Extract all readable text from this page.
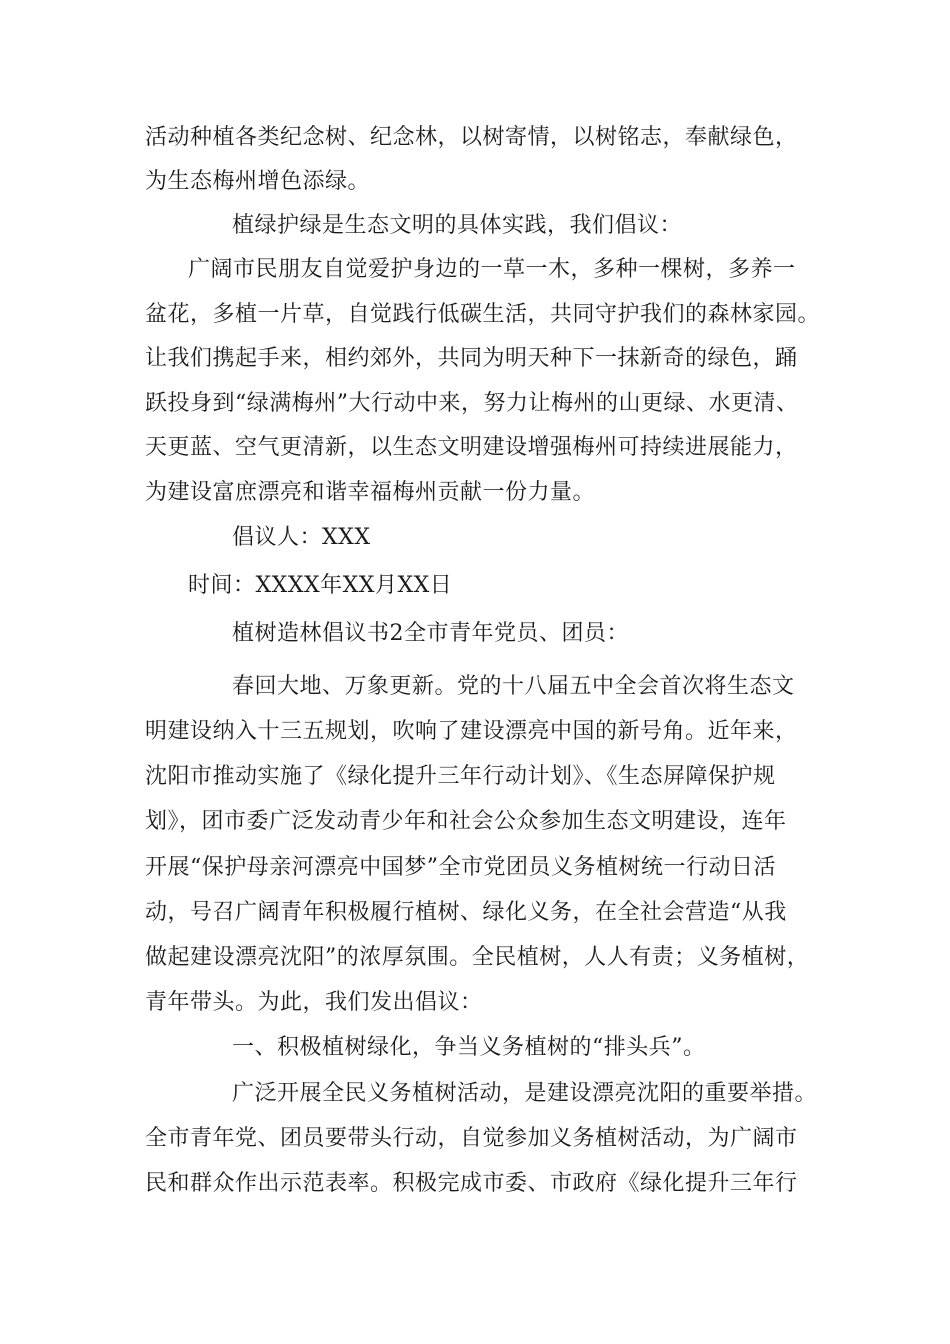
活动种植各类纪念树、纪念林，以树寄情，以树铭志，奉献绿色，
为生态梅州增色添绿。
植绿护绿是生态文明的具体实践，我们倡议：
广阔市民朋友自觉爱护身边的一草一木，多种一棵树，多养一
盆花，多植一片草，自觉践行低碳生活，共同守护我们的森林家园。
让我们携起手来，相约郊外，共同为明天种下一抹新奇的绿色，踊
跃投身到“绿满梅州”大行动中来，努力让梅州的山更绿、水更清、
天更蓝、空气更清新，以生态文明建设增强梅州可持续进展能力，
为建设富庶漂亮和谐幸福梅州贡献一份力量。
倡议人：XXX
时间：XXXX年XX月XX日
植树造林倡议书2全市青年党员、团员：
春回大地、万象更新。党的十八届五中全会首次将生态文
明建设纳入十三五规划，吹响了建设漂亮中国的新号角。近年来，
沈阳市推动实施了《绿化提升三年行动计划》、《生态屏障保护规
划》，团市委广泛发动青少年和社会公众参加生态文明建设，连年
开展“保护母亲河漂亮中国梦”全市党团员义务植树统一行动日活
动，号召广阔青年积极履行植树、绿化义务，在全社会营造“从我
做起建设漂亮沈阳”的浓厚氛围。全民植树，人人有责；义务植树，
青年带头。为此，我们发出倡议：
一、积极植树绿化，争当义务植树的“排头兵”。
广泛开展全民义务植树活动，是建设漂亮沈阳的重要举措。
全市青年党、团员要带头行动，自觉参加义务植树活动，为广阔市
民和群众作出示范表率。积极完成市委、市政府《绿化提升三年行
